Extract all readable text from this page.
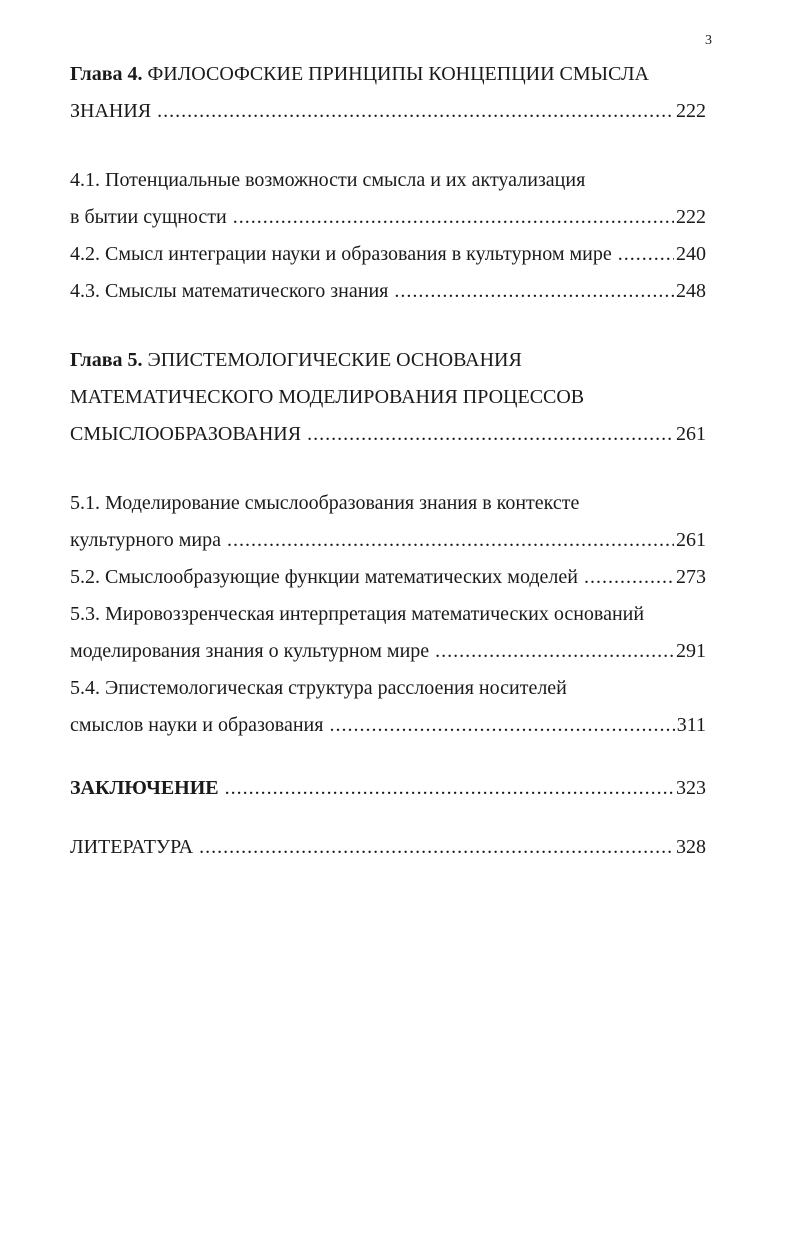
3
Глава 4. ФИЛОСОФСКИЕ ПРИНЦИПЫ КОНЦЕПЦИИ СМЫСЛА
ЗНАНИЯ .....	222
4.1. Потенциальные возможности смысла и их актуализация
в бытии сущности .....	222
4.2. Смысл интеграции науки и образования в культурном мире .....	240
4.3. Смыслы математического знания .....	248
Глава 5. ЭПИСТЕМОЛОГИЧЕСКИЕ ОСНОВАНИЯ
МАТЕМАТИЧЕСКОГО МОДЕЛИРОВАНИЯ ПРОЦЕССОВ
СМЫСЛООБРАЗОВАНИЯ .....	261
5.1. Моделирование смыслообразования знания в контексте
культурного мира .....	261
5.2. Смыслообразующие функции математических моделей .....	273
5.3. Мировоззренческая интерпретация математических оснований
моделирования знания о культурном мире .....	291
5.4. Эпистемологическая структура расслоения носителей
смыслов науки и образования .....	311
ЗАКЛЮЧЕНИЕ .....	323
ЛИТЕРАТУРА .....	328
